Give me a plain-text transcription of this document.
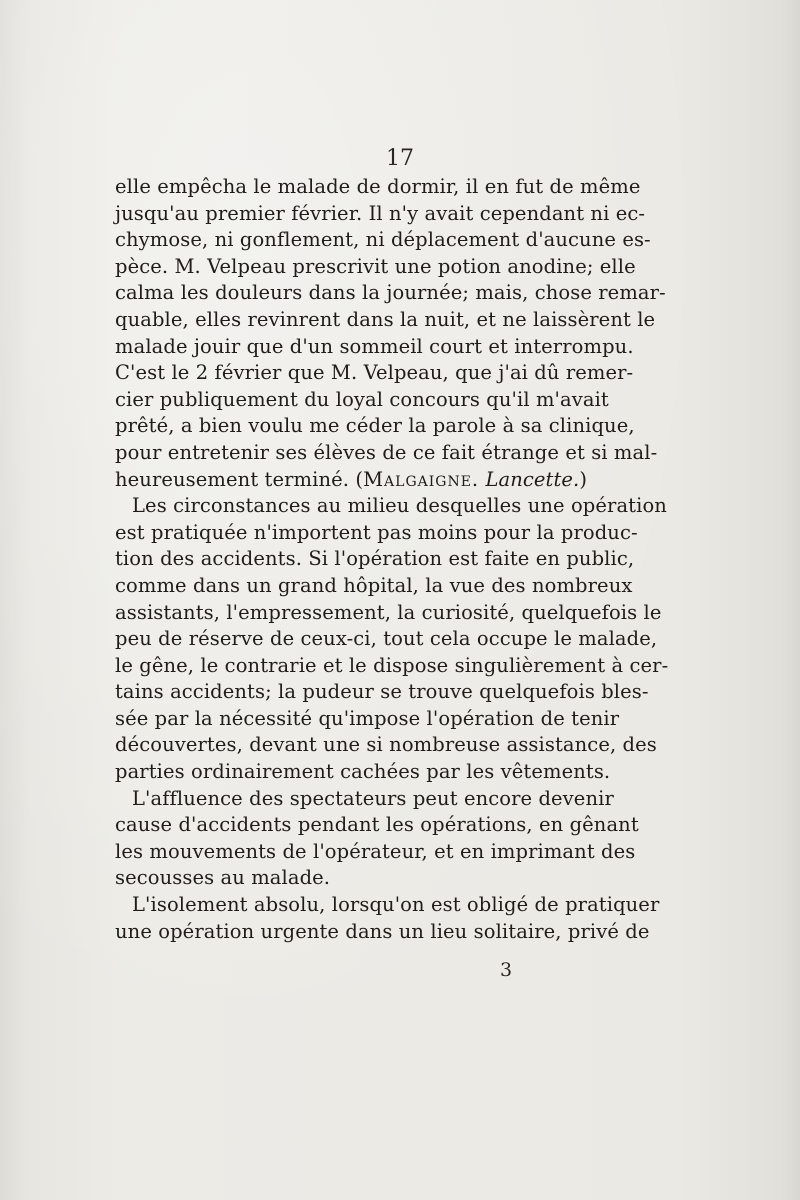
17
elle empêcha le malade de dormir, il en fut de même
jusqu'au premier février. Il n'y avait cependant ni ec-
chymose, ni gonflement, ni déplacement d'aucune es-
pèce. M. Velpeau prescrivit une potion anodine; elle
calma les douleurs dans la journée; mais, chose remar-
quable, elles revinrent dans la nuit, et ne laissèrent le
malade jouir que d'un sommeil court et interrompu.
C'est le 2 février que M. Velpeau, que j'ai dû remer-
cier publiquement du loyal concours qu'il m'avait
prêté, a bien voulu me céder la parole à sa clinique,
pour entretenir ses élèves de ce fait étrange et si mal-
heureusement terminé. (Malgaigne. Lancette.)
Les circonstances au milieu desquelles une opération
est pratiquée n'importent pas moins pour la produc-
tion des accidents. Si l'opération est faite en public,
comme dans un grand hôpital, la vue des nombreux
assistants, l'empressement, la curiosité, quelquefois le
peu de réserve de ceux-ci, tout cela occupe le malade,
le gêne, le contrarie et le dispose singulièrement à cer-
tains accidents; la pudeur se trouve quelquefois bles-
sée par la nécessité qu'impose l'opération de tenir
découvertes, devant une si nombreuse assistance, des
parties ordinairement cachées par les vêtements.
L'affluence des spectateurs peut encore devenir
cause d'accidents pendant les opérations, en gênant
les mouvements de l'opérateur, et en imprimant des
secousses au malade.
L'isolement absolu, lorsqu'on est obligé de pratiquer
une opération urgente dans un lieu solitaire, privé de
3
